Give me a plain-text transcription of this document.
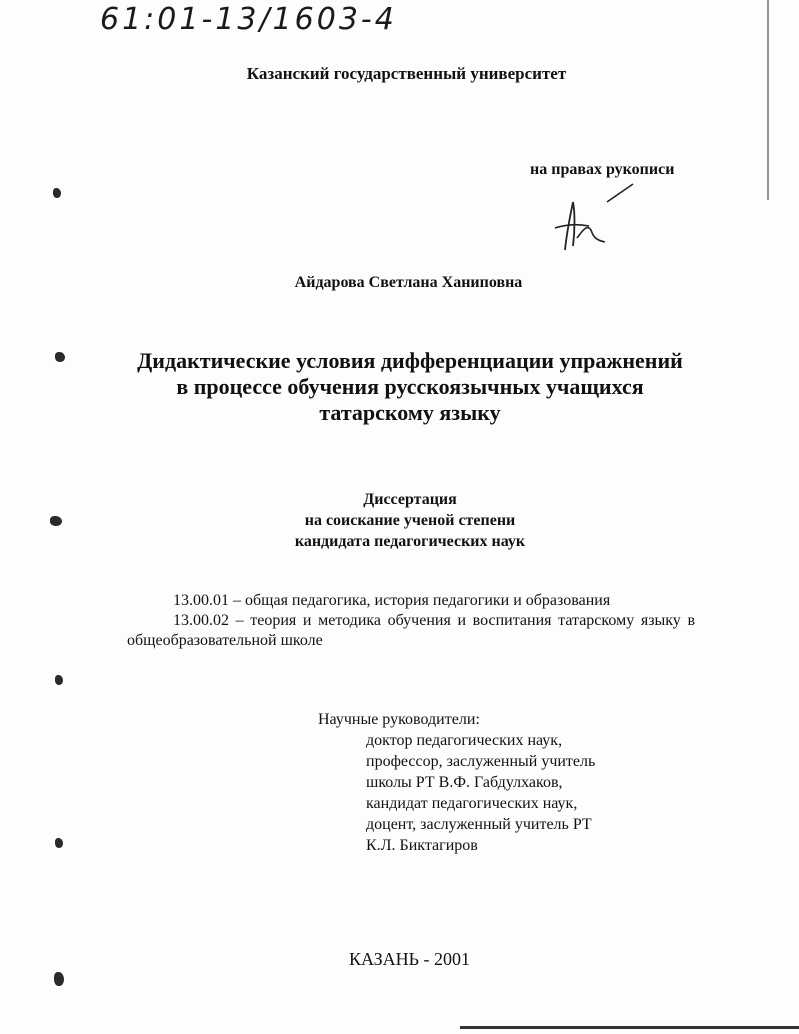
61:01-13/1603-4
Казанский государственный университет
на правах рукописи
Айдарова Светлана Ханиповна
Дидактические условия дифференциации упражнений
в процессе обучения русскоязычных учащихся
татарскому языку
Диссертация
на соискание ученой степени
кандидата педагогических наук
13.00.01 – общая педагогика, история педагогики и образования
13.00.02 – теория и методика обучения и воспитания татарскому языку в общеобразовательной школе
Научные руководители:
доктор педагогических наук,
профессор, заслуженный учитель
школы РТ В.Ф. Габдулхаков,
кандидат педагогических наук,
доцент, заслуженный учитель РТ
К.Л. Биктагиров
КАЗАНЬ - 2001
